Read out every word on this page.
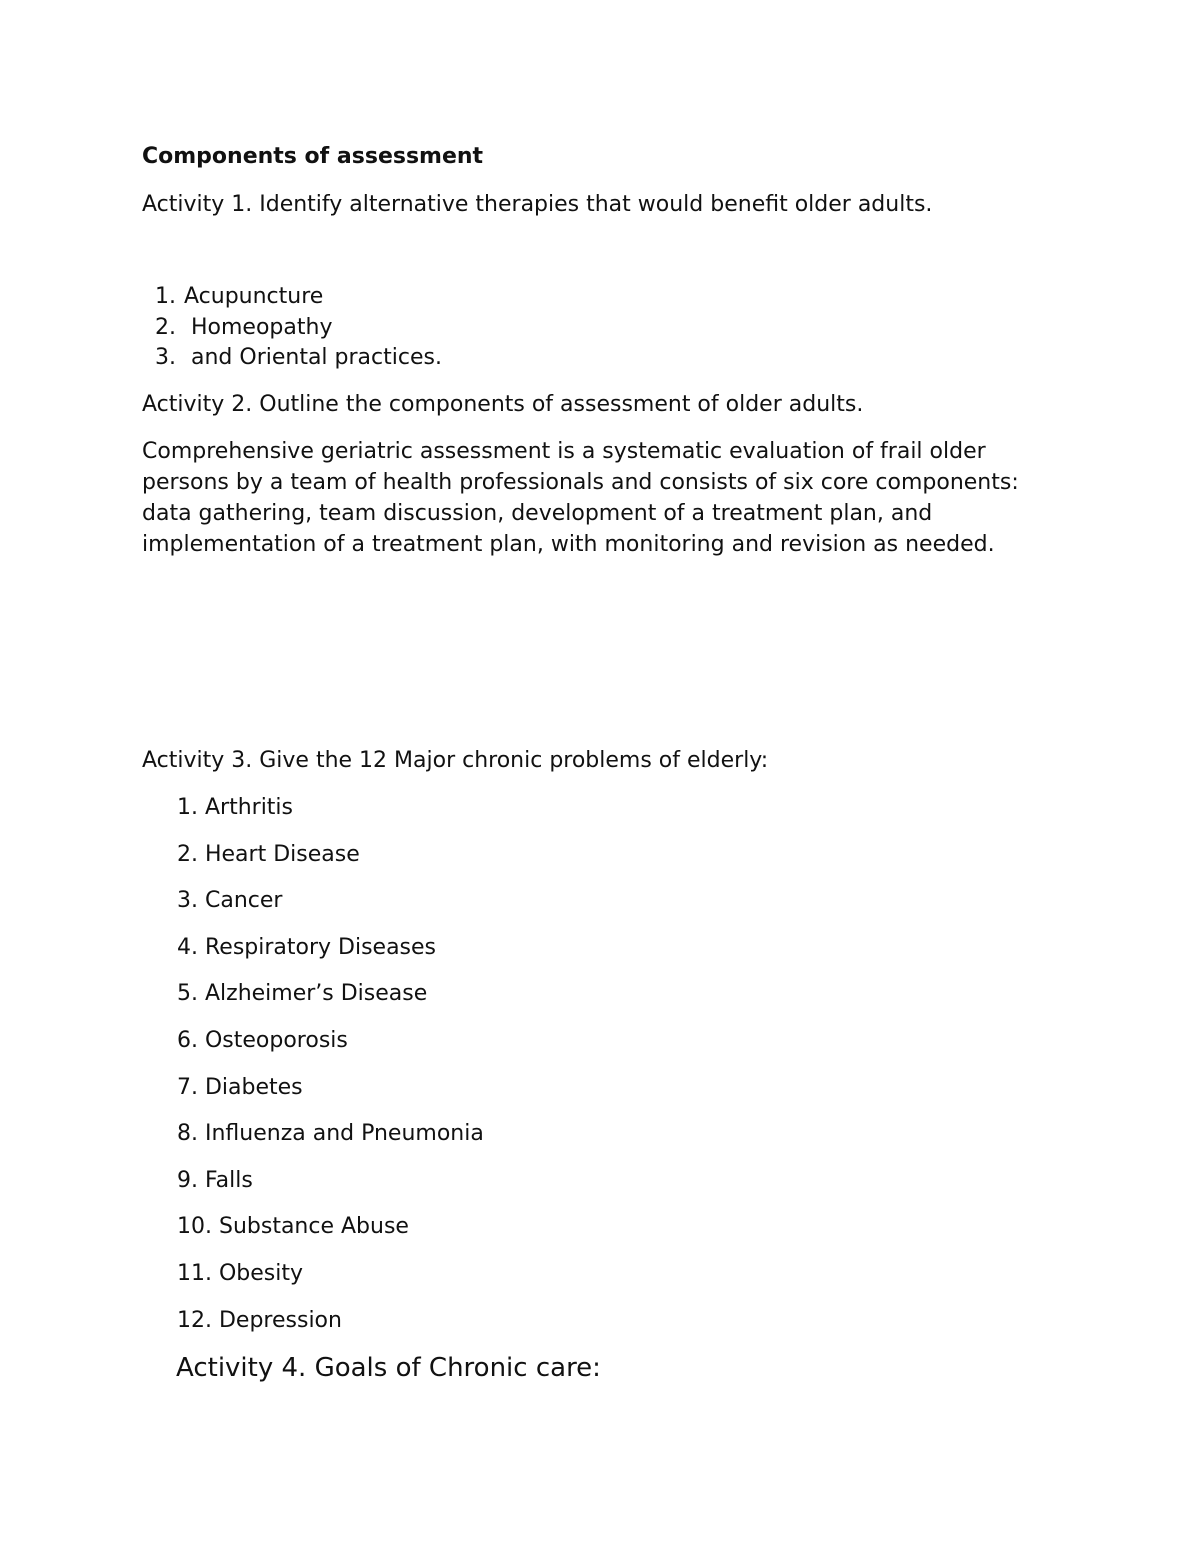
Components of assessment

Activity 1. Identify alternative therapies that would benefit older adults.

1. Acupuncture
2. Homeopathy
3. and Oriental practices.

Activity 2. Outline the components of assessment of older adults.

Comprehensive geriatric assessment is a systematic evaluation of frail older persons by a team of health professionals and consists of six core components: data gathering, team discussion, development of a treatment plan, and implementation of a treatment plan, with monitoring and revision as needed.

Activity 3. Give the 12 Major chronic problems of elderly:

1. Arthritis
2. Heart Disease
3. Cancer
4. Respiratory Diseases
5. Alzheimer’s Disease
6. Osteoporosis
7. Diabetes
8. Influenza and Pneumonia
9. Falls
10. Substance Abuse
11. Obesity
12. Depression

Activity 4. Goals of Chronic care:
